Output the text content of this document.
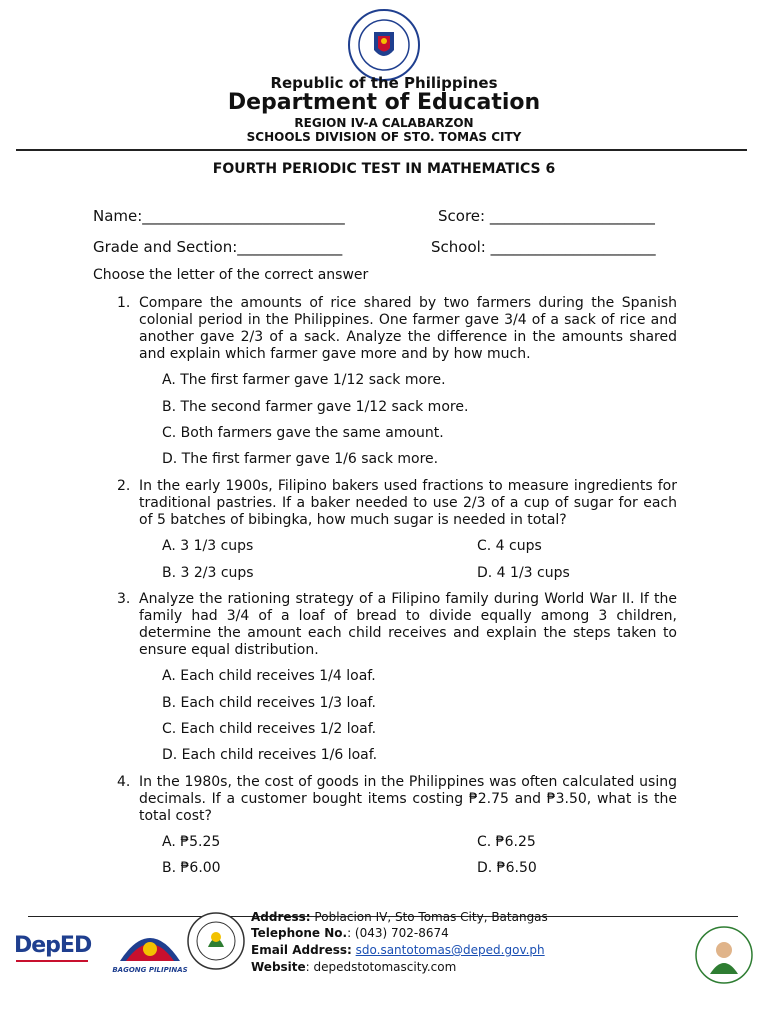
Republic of the Philippines
Department of Education
REGION IV-A CALABARZON
SCHOOLS DIVISION OF STO. TOMAS CITY
FOURTH PERIODIC TEST IN MATHEMATICS 6
Name:___________________________	Score: ______________________
Grade and Section:______________	School: ______________________
Choose the letter of the correct answer
1. Compare the amounts of rice shared by two farmers during the Spanish colonial period in the Philippines. One farmer gave 3/4 of a sack of rice and another gave 2/3 of a sack. Analyze the difference in the amounts shared and explain which farmer gave more and by how much.
A. The first farmer gave 1/12 sack more.
B. The second farmer gave 1/12 sack more.
C. Both farmers gave the same amount.
D. The first farmer gave 1/6 sack more.
2. In the early 1900s, Filipino bakers used fractions to measure ingredients for traditional pastries. If a baker needed to use 2/3 of a cup of sugar for each of 5 batches of bibingka, how much sugar is needed in total?
A. 3 1/3 cups	C. 4 cups
B. 3 2/3 cups	D. 4 1/3 cups
3. Analyze the rationing strategy of a Filipino family during World War II. If the family had 3/4 of a loaf of bread to divide equally among 3 children, determine the amount each child receives and explain the steps taken to ensure equal distribution.
A. Each child receives 1/4 loaf.
B. Each child receives 1/3 loaf.
C. Each child receives 1/2 loaf.
D. Each child receives 1/6 loaf.
4. In the 1980s, the cost of goods in the Philippines was often calculated using decimals. If a customer bought items costing ₱2.75 and ₱3.50, what is the total cost?
A. ₱5.25	C. ₱6.25
B. ₱6.00	D. ₱6.50
DepED
BAGONG PILIPINAS
Address: Poblacion IV, Sto Tomas City, Batangas
Telephone No.: (043) 702-8674
Email Address: sdo.santotomas@deped.gov.ph
Website: depedstotomascity.com
